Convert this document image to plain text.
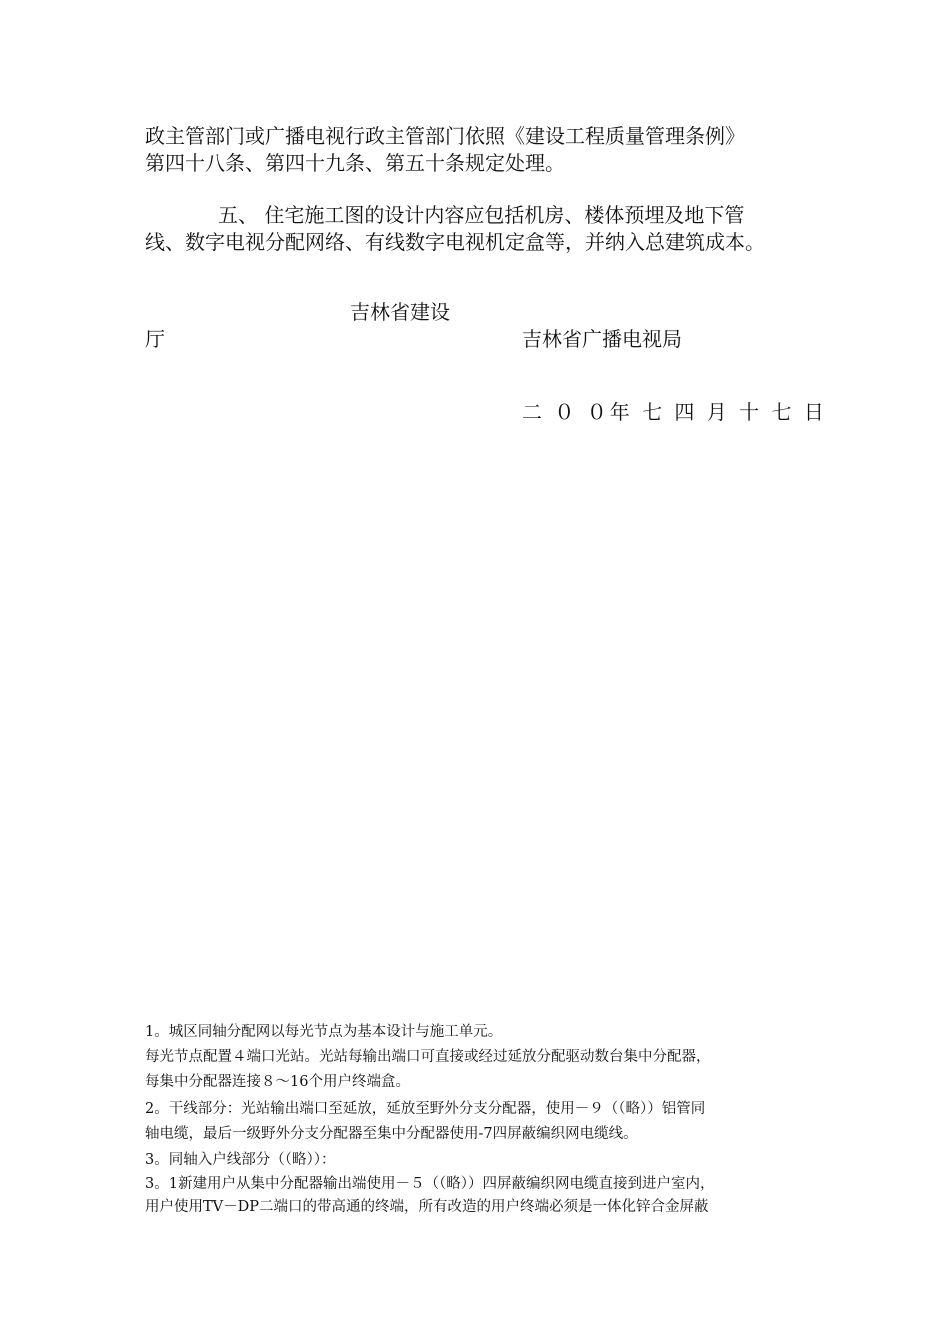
政主管部门或广播电视行政主管部门依照《建设工程质量管理条例》
第四十八条、第四十九条、第五十条规定处理。
五、 住宅施工图的设计内容应包括机房、楼体预埋及地下管
线、数字电视分配网络、有线数字电视机定盒等，并纳入总建筑成本。
吉林省建设
厅	吉林省广播电视局
二 ０ ０年 七 四 月 十 七 日
1。城区同轴分配网以每光节点为基本设计与施工单元。
每光节点配置４端口光站。光站每输出端口可直接或经过延放分配驱动数台集中分配器，
每集中分配器连接８～16个用户终端盒。
2。干线部分：光站输出端口至延放，延放至野外分支分配器，使用－９（（略））铝管同
轴电缆，最后一级野外分支分配器至集中分配器使用-7四屏蔽编织网电缆线。
3。同轴入户线部分（（略））：
3。1新建用户从集中分配器输出端使用－５（（略））四屏蔽编织网电缆直接到进户室内，
用户使用TV－DP二端口的带高通的终端，所有改造的用户终端必须是一体化锌合金屏蔽
